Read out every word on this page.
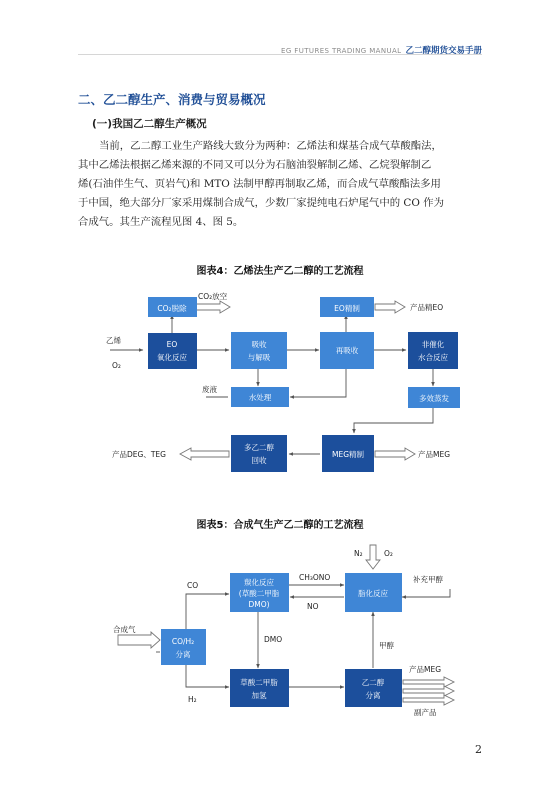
EG FUTURES TRADING MANUAL 乙二醇期货交易手册
二、乙二醇生产、消费与贸易概况
(一)我国乙二醇生产概况
当前，乙二醇工业生产路线大致分为两种：乙烯法和煤基合成气草酸酯法，
其中乙烯法根据乙烯来源的不同又可以分为石脑油裂解制乙烯、乙烷裂解制乙
烯(石油伴生气、页岩气)和 MTO 法制甲醇再制取乙烯，而合成气草酸酯法多用
于中国，绝大部分厂家采用煤制合成气，少数厂家提纯电石炉尾气中的 CO 作为
合成气。其生产流程见图 4、图 5。
图表4：乙烯法生产乙二醇的工艺流程
CO₂脱除
EO
氧化反应
吸收
与解吸
再吸收
EO精制
非催化
水合反应
水处理	多效蒸发
多乙二醇
回收
MEG精制
乙烯
O₂
CO₂放空
产品精EO
废液
产品DEG、TEG	产品MEG
图表5：合成气生产乙二醇的工艺流程
羰化反应
(草酸二甲脂
DMO)
脂化反应
CO/H₂
分离
草酸二甲脂
加氢
乙二醇
分离
N₂	O₂
CO
CH₃ONO
NO
补充甲醇
合成气
DMO
甲醇
H₂
产品MEG
副产品
2
